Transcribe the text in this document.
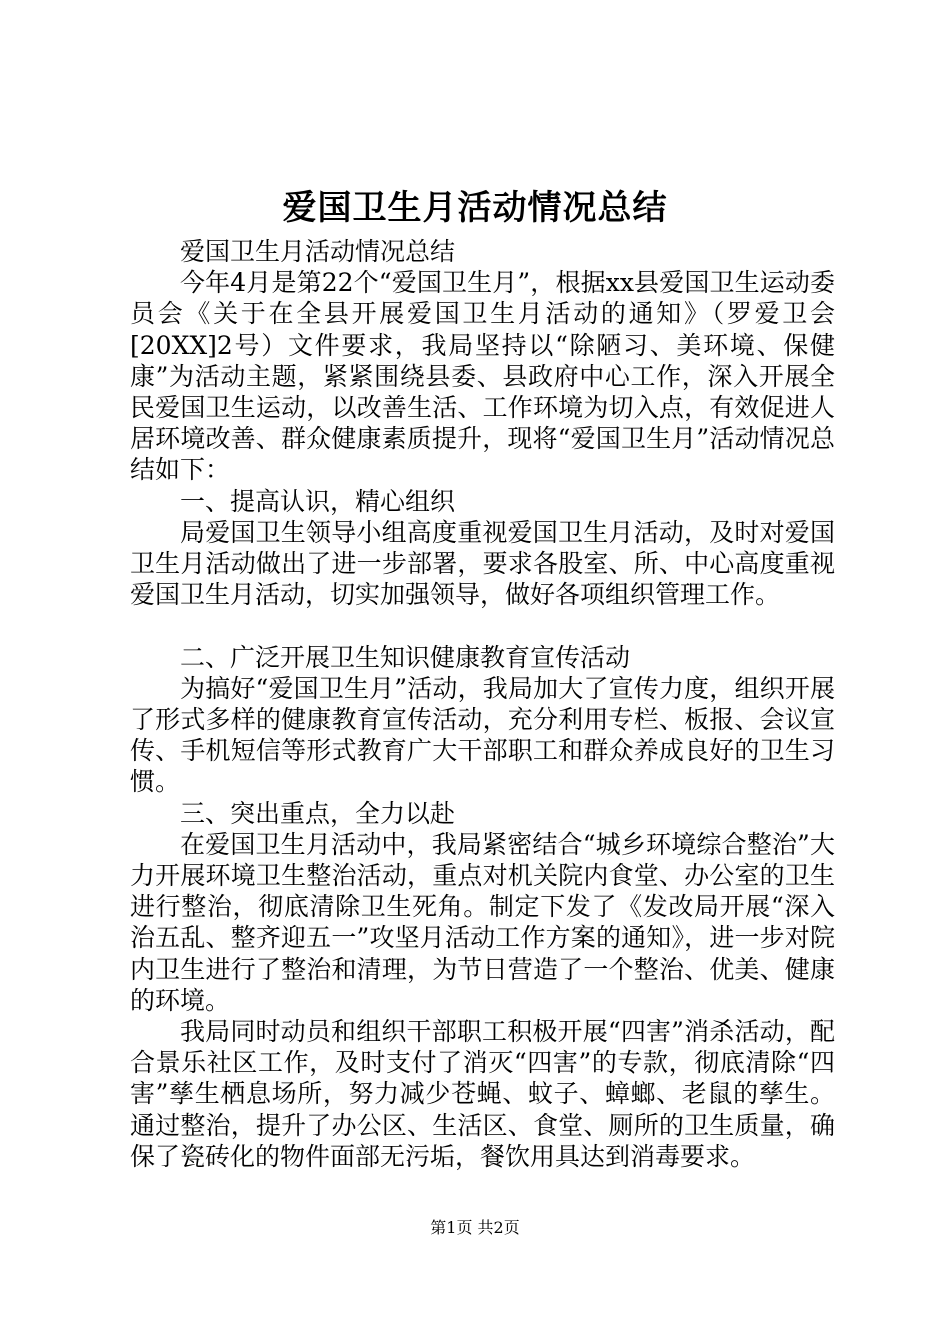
爱国卫生月活动情况总结

爱国卫生月活动情况总结

今年4月是第22个“爱国卫生月”，根据xx县爱国卫生运动委员会《关于在全县开展爱国卫生月活动的通知》（罗爱卫会[20XX]2号）文件要求，我局坚持以“除陋习、美环境、保健康”为活动主题，紧紧围绕县委、县政府中心工作，深入开展全民爱国卫生运动，以改善生活、工作环境为切入点，有效促进人居环境改善、群众健康素质提升，现将“爱国卫生月”活动情况总结如下：

一、提高认识，精心组织

局爱国卫生领导小组高度重视爱国卫生月活动，及时对爱国卫生月活动做出了进一步部署，要求各股室、所、中心高度重视爱国卫生月活动，切实加强领导，做好各项组织管理工作。

二、广泛开展卫生知识健康教育宣传活动

为搞好“爱国卫生月”活动，我局加大了宣传力度，组织开展了形式多样的健康教育宣传活动，充分利用专栏、板报、会议宣传、手机短信等形式教育广大干部职工和群众养成良好的卫生习惯。

三、突出重点，全力以赴

在爱国卫生月活动中，我局紧密结合“城乡环境综合整治”大力开展环境卫生整治活动，重点对机关院内食堂、办公室的卫生进行整治，彻底清除卫生死角。制定下发了《发改局开展“深入治五乱、整齐迎五一”攻坚月活动工作方案的通知》，进一步对院内卫生进行了整治和清理，为节日营造了一个整治、优美、健康的环境。

我局同时动员和组织干部职工积极开展“四害”消杀活动，配合景乐社区工作，及时支付了消灭“四害”的专款，彻底清除“四害”孳生栖息场所，努力减少苍蝇、蚊子、蟑螂、老鼠的孳生。通过整治，提升了办公区、生活区、食堂、厕所的卫生质量，确保了瓷砖化的物件面部无污垢，餐饮用具达到消毒要求。

第1页 共2页
